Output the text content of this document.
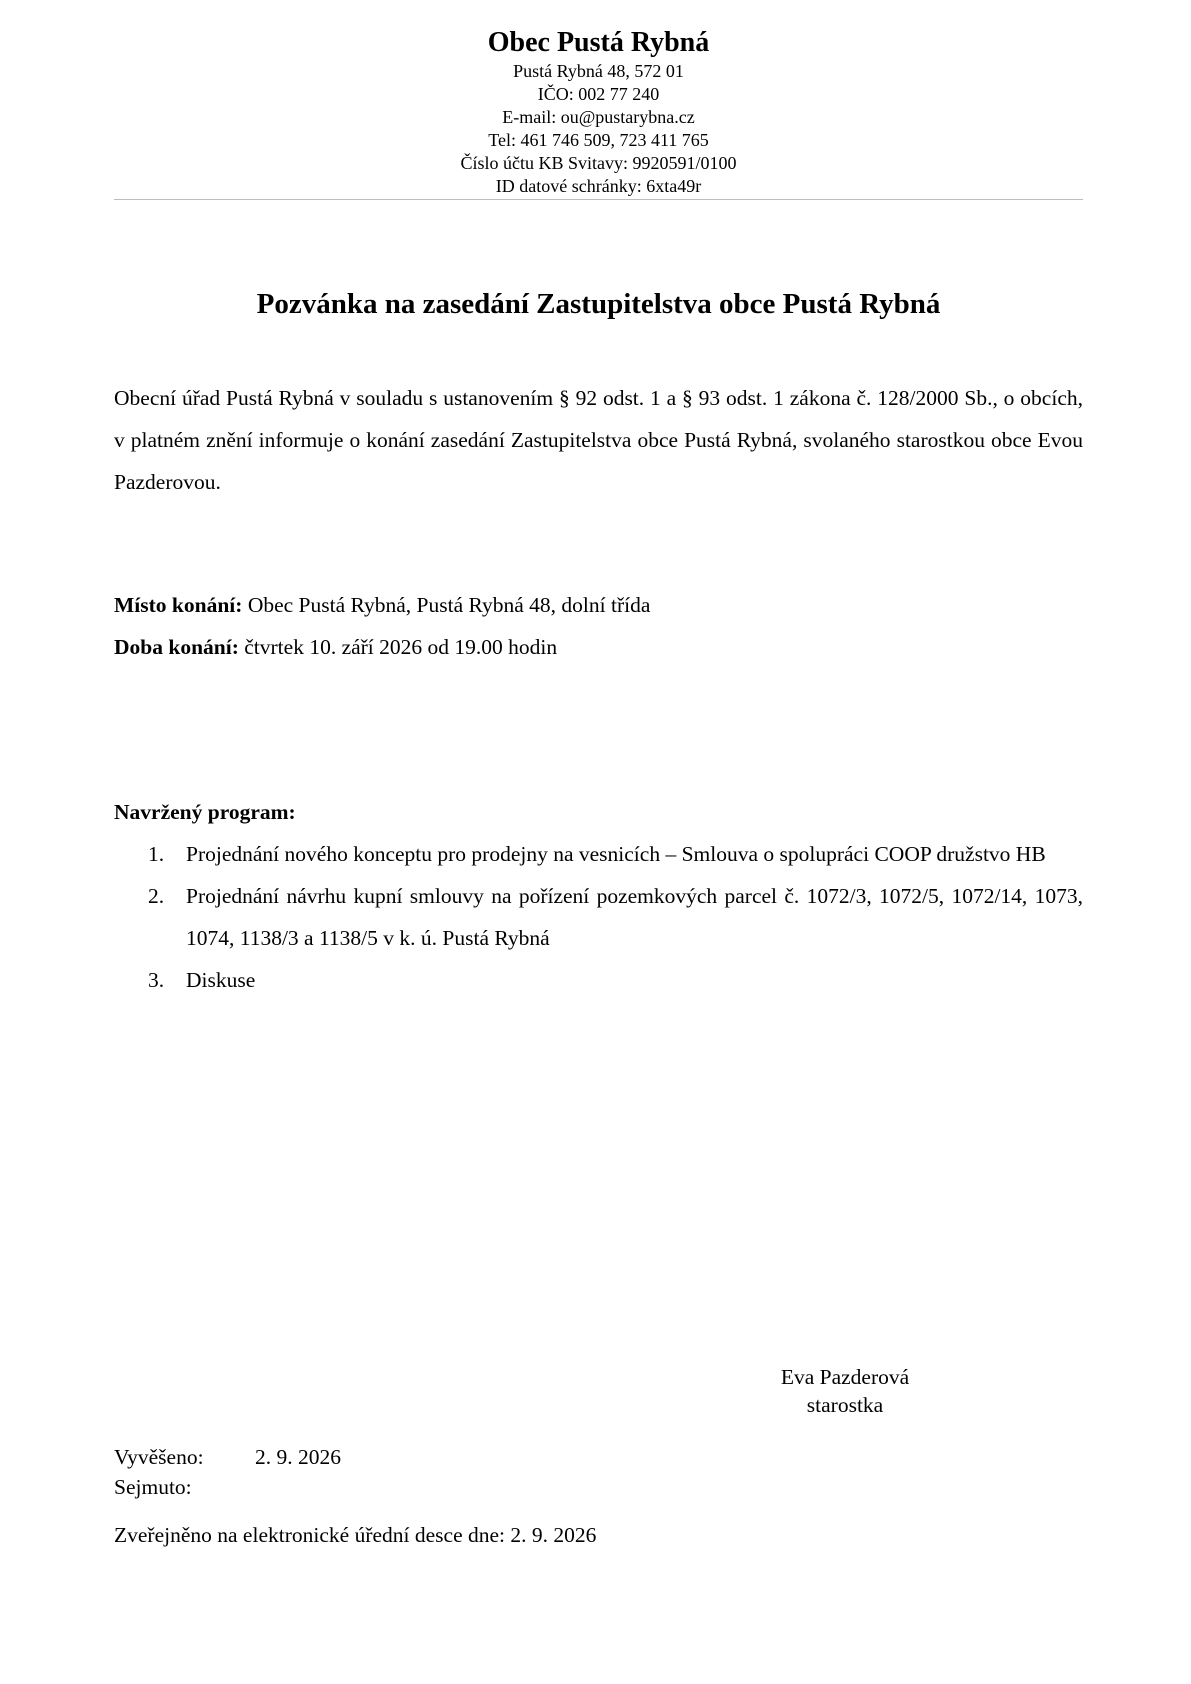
Obec Pustá Rybná
Pustá Rybná 48, 572 01
IČO: 002 77 240
E-mail: ou@pustarybna.cz
Tel: 461 746 509, 723 411 765
Číslo účtu KB Svitavy: 9920591/0100
ID datové schránky: 6xta49r
Pozvánka na zasedání Zastupitelstva obce Pustá Rybná
Obecní úřad Pustá Rybná v souladu s ustanovením § 92 odst. 1 a § 93 odst. 1 zákona č. 128/2000 Sb., o obcích, v platném znění informuje o konání zasedání Zastupitelstva obce Pustá Rybná, svolaného starostkou obce Evou Pazderovou.
Místo konání: Obec Pustá Rybná, Pustá Rybná 48, dolní třída
Doba konání: čtvrtek 10. září 2026 od 19.00 hodin
Navržený program:
1. Projednání nového konceptu pro prodejny na vesnicích – Smlouva o spolupráci COOP družstvo HB
2. Projednání návrhu kupní smlouvy na pořízení pozemkových parcel č. 1072/3, 1072/5, 1072/14, 1073, 1074, 1138/3 a 1138/5 v k. ú. Pustá Rybná
3. Diskuse
Eva Pazderová
starostka
Vyvěšeno: 2. 9. 2026
Sejmuto:
Zveřejněno na elektronické úřední desce dne: 2. 9. 2026
